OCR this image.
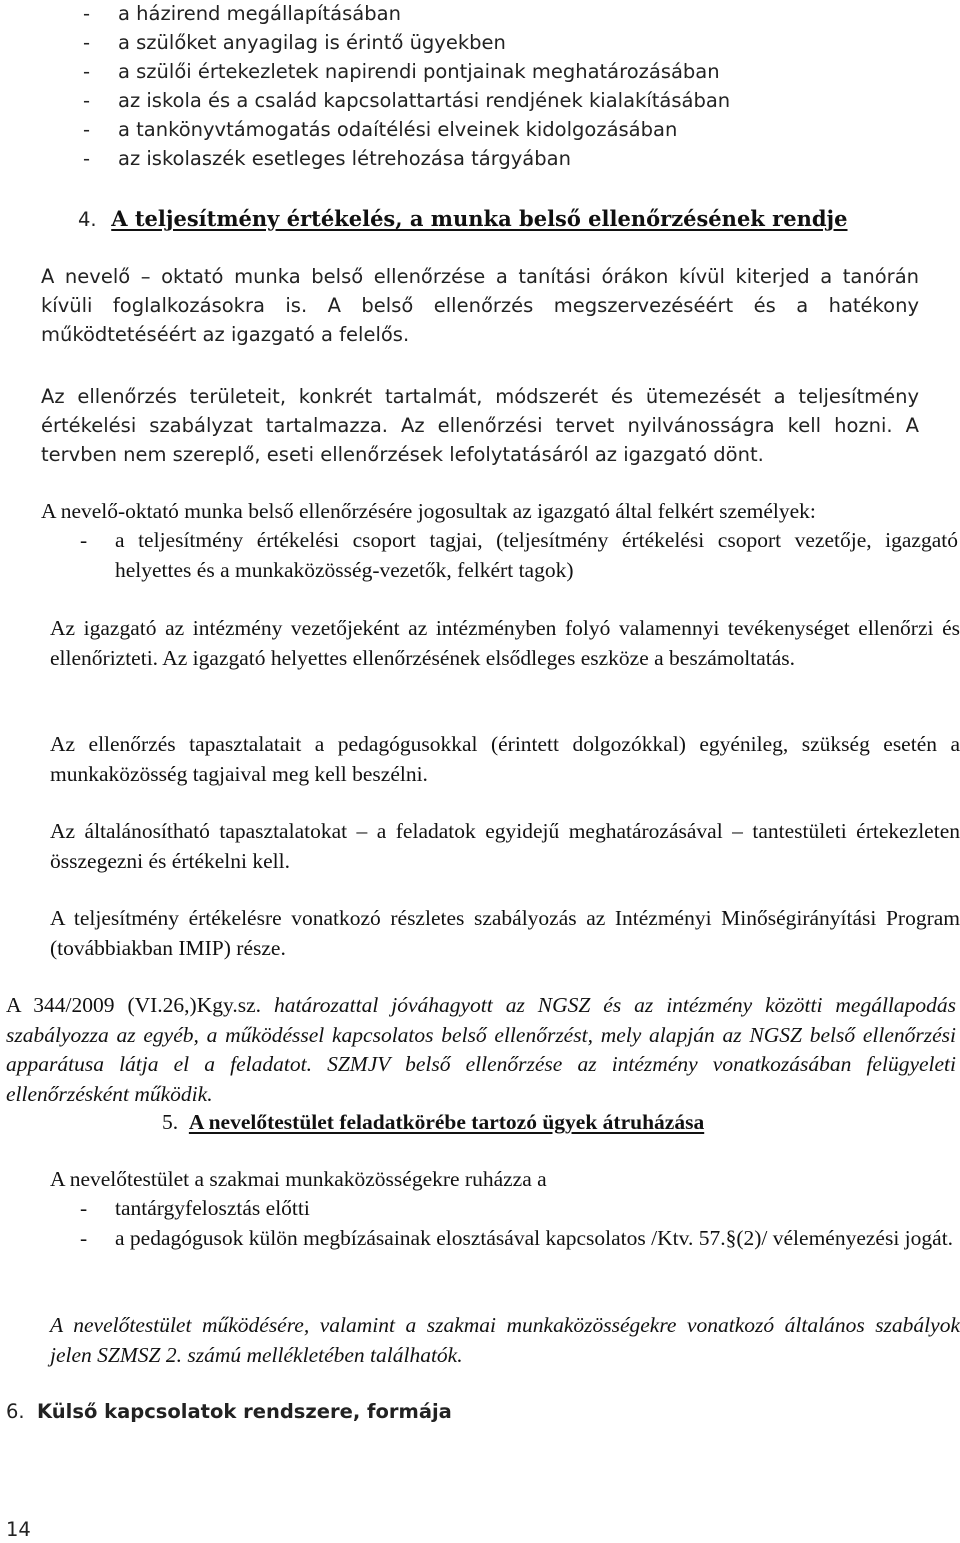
- a házirend megállapításában
- a szülőket anyagilag is érintő ügyekben
- a szülői értekezletek napirendi pontjainak meghatározásában
- az iskola és a család kapcsolattartási rendjének kialakításában
- a tankönyvtámogatás odaítélési elveinek kidolgozásában
- az iskolaszék esetleges létrehozása tárgyában
4. A teljesítmény értékelés, a munka belső ellenőrzésének rendje
A nevelő – oktató munka belső ellenőrzése a tanítási órákon kívül kiterjed a tanórán kívüli foglalkozásokra is. A belső ellenőrzés megszervezéséért és a hatékony működtetéséért az igazgató a felelős.
Az ellenőrzés területeit, konkrét tartalmát, módszerét és ütemezését a teljesítmény értékelési szabályzat tartalmazza. Az ellenőrzési tervet nyilvánosságra kell hozni. A tervben nem szereplő, eseti ellenőrzések lefolytatásáról az igazgató dönt.
A nevelő-oktató munka belső ellenőrzésére jogosultak az igazgató által felkért személyek:
- a teljesítmény értékelési csoport tagjai, (teljesítmény értékelési csoport vezetője, igazgató helyettes és a munkaközösség-vezetők, felkért tagok)
Az igazgató az intézmény vezetőjeként az intézményben folyó valamennyi tevékenységet ellenőrzi és ellenőrizteti. Az igazgató helyettes ellenőrzésének elsődleges eszköze a beszámoltatás.
Az ellenőrzés tapasztalatait a pedagógusokkal (érintett dolgozókkal) egyénileg, szükség esetén a munkaközösség tagjaival meg kell beszélni.
Az általánosítható tapasztalatokat – a feladatok egyidejű meghatározásával – tantestületi értekezleten összegezni és értékelni kell.
A teljesítmény értékelésre vonatkozó részletes szabályozás az Intézményi Minőségirányítási Program (továbbiakban IMIP) része.
A 344/2009 (VI.26,)Kgy.sz. határozattal jóváhagyott az NGSZ és az intézmény közötti megállapodás szabályozza az egyéb, a működéssel kapcsolatos belső ellenőrzést, mely alapján az NGSZ belső ellenőrzési apparátusa látja el a feladatot. SZMJV belső ellenőrzése az intézmény vonatkozásában felügyeleti ellenőrzésként működik.
5. A nevelőtestület feladatkörébe tartozó ügyek átruházása
A nevelőtestület a szakmai munkaközösségekre ruházza a
- tantárgyfelosztás előtti
- a pedagógusok külön megbízásainak elosztásával kapcsolatos /Ktv. 57.§(2)/ véleményezési jogát.
A nevelőtestület működésére, valamint a szakmai munkaközösségekre vonatkozó általános szabályok jelen SZMSZ 2. számú mellékletében találhatók.
6. Külső kapcsolatok rendszere, formája
14
